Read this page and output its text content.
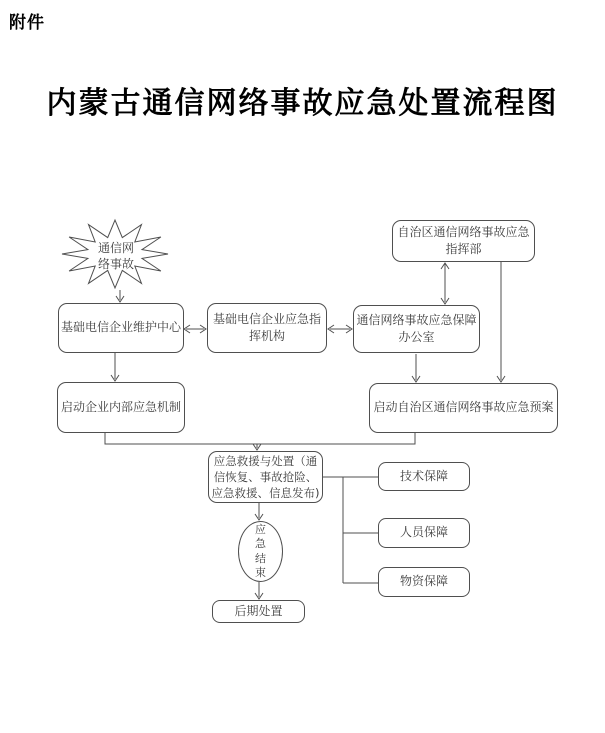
附件
内蒙古通信网络事故应急处置流程图
通信网络事故
基础电信企业维护中心
基础电信企业应急指挥机构
通信网络事故应急保障办公室
自治区通信网络事故应急指挥部
启动企业内部应急机制	启动自治区通信网络事故应急预案
应急救援与处置（通信恢复、事故抢险、应急救援、信息发布)
应急结束
技术保障
人员保障
物资保障
后期处置
